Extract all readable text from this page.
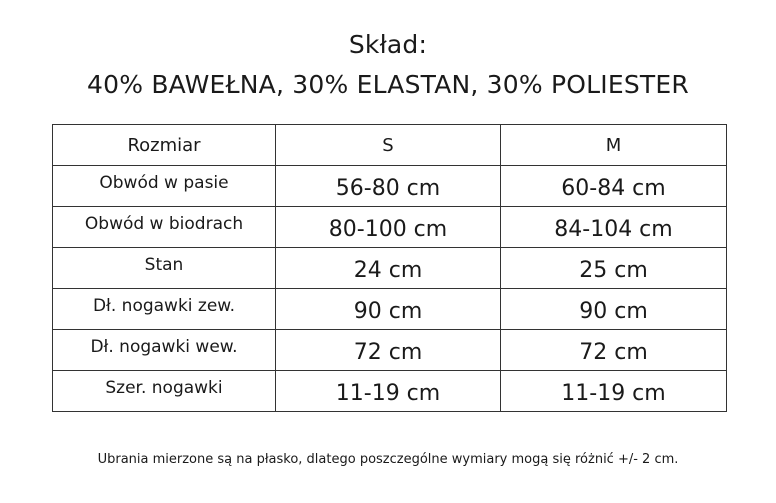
Skład:
40% BAWEŁNA, 30% ELASTAN, 30% POLIESTER
Rozmiar	S	M
Obwód w pasie	56-80 cm	60-84 cm
Obwód w biodrach	80-100 cm	84-104 cm
Stan	24 cm	25 cm
Dł. nogawki zew.	90 cm	90 cm
Dł. nogawki wew.	72 cm	72 cm
Szer. nogawki	11-19 cm	11-19 cm
Ubrania mierzone są na płasko, dlatego poszczególne wymiary mogą się różnić +/- 2 cm.
